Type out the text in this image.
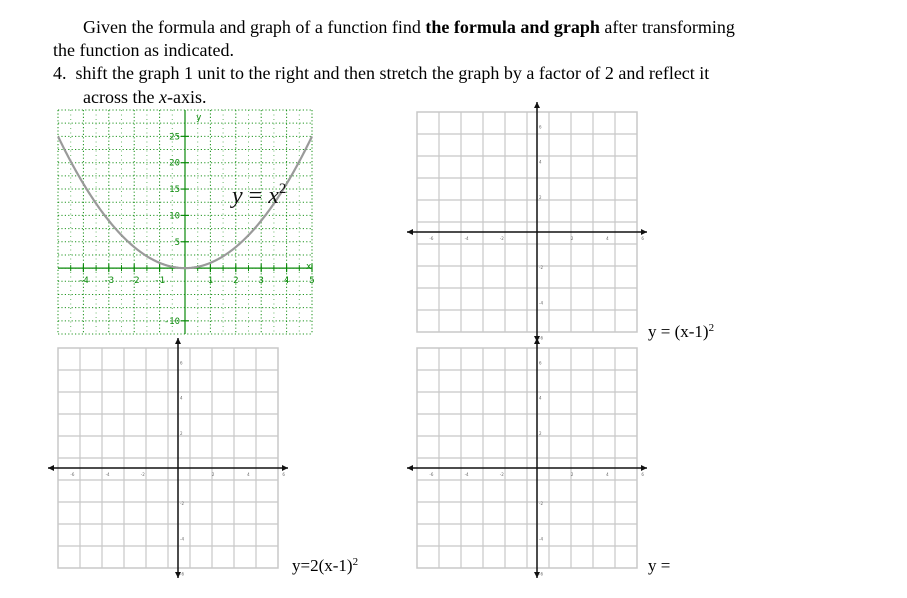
Given the formula and graph of a function find the formula and graph after transforming
the function as indicated.
4. shift the graph 1 unit to the right and then stretch the graph by a factor of 2 and reflect it
across the x-axis.
-4 -3 -2 -1	1 2 3 4 5
25
20
15
10
5
-10
y
x
$y = x^2$
-6	-4	-2	2	4	6
6
4
2
-2
-4
-6
-6	-4	-2	2	4	6
6
4
2
-2
-4
-6
-6	-4	-2	2	4	6
6
4
2
-2
-4
-6
$y = (x-1)^2$
$y=2(x-1)^2$	y =
